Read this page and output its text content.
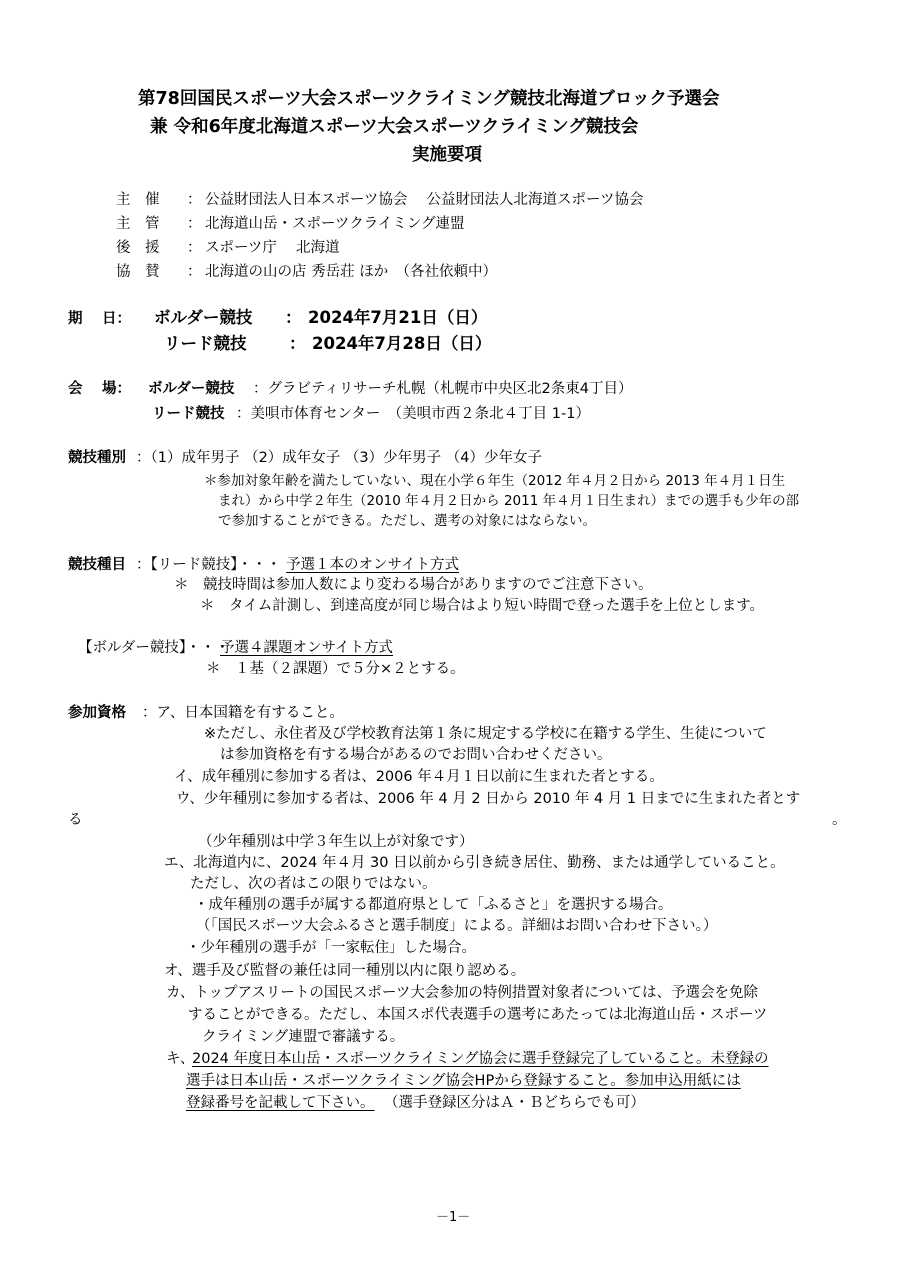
第78回国民スポーツ大会スポーツクライミング競技北海道ブロック予選会
兼 令和6年度北海道スポーツ大会スポーツクライミング競技会
実施要項
主　催 ： 公益財団法人日本スポーツ協会　 公益財団法人北海道スポーツ協会
主　管 ： 北海道山岳・スポーツクライミング連盟
後　援 ： スポーツ庁　 北海道
協　賛 ： 北海道の山の店 秀岳荘 ほか　（各社依頼中）
期　 日： ボルダー競技 ： 2024年7月21日（日）
リード競技	： 2024年7月28日（日）
会　 場： ボルダー競技 ：グラビティリサーチ札幌（札幌市中央区北2条東4丁目）
リード競技 ：美唄市体育センター　（美唄市西２条北４丁目 1-1）
競技種別 ：（1）成年男子 （2）成年女子 （3）少年男子 （4）少年女子
＊参加対象年齢を満たしていない、現在小学６年生（2012 年４月２日から 2013 年４月１日生
まれ）から中学２年生（2010 年４月２日から 2011 年４月１日生まれ）までの選手も少年の部
で参加することができる。ただし、選考の対象にはならない。
競技種目 ：【リード競技】・・・ 予選１本のオンサイト方式
＊　競技時間は参加人数により変わる場合がありますのでご注意下さい。
＊　タイム計測し、到達高度が同じ場合はより短い時間で登った選手を上位とします。
【ボルダー競技】・・・
予選４課題オンサイト方式
＊　１基（２課題）で５分×２とする。
参加資格 ：ア、日本国籍を有すること。
※ただし、永住者及び学校教育法第１条に規定する学校に在籍する学生、生徒について
は参加資格を有する場合があるのでお問い合わせください。
イ、成年種別に参加する者は、2006 年４月１日以前に生まれた者とする。
ウ、少年種別に参加する者は、2006 年 4 月 2 日から 2010 年 4 月 1 日までに生まれた者とす
る	。
（少年種別は中学３年生以上が対象です）
エ、北海道内に、2024 年４月 30 日以前から引き続き居住、勤務、または通学していること。
ただし、次の者はこの限りではない。
・成年種別の選手が属する都道府県として「ふるさと」を選択する場合。
（「国民スポーツ大会ふるさと選手制度」による。詳細はお問い合わせ下さい。）
・少年種別の選手が「一家転住」した場合。
オ、選手及び監督の兼任は同一種別以内に限り認める。
カ、トップアスリートの国民スポーツ大会参加の特例措置対象者については、予選会を免除
することができる。ただし、本国スポ代表選手の選考にあたっては北海道山岳・スポーツ
クライミング連盟で審議する。
キ、
2024 年度日本山岳・スポーツクライミング協会に選手登録完了していること。未登録の
選手は日本山岳・スポーツクライミング協会HPから登録すること。参加申込用紙には
登録番号を記載して下さい。 （選手登録区分はＡ・Ｂどちらでも可）
－1－
